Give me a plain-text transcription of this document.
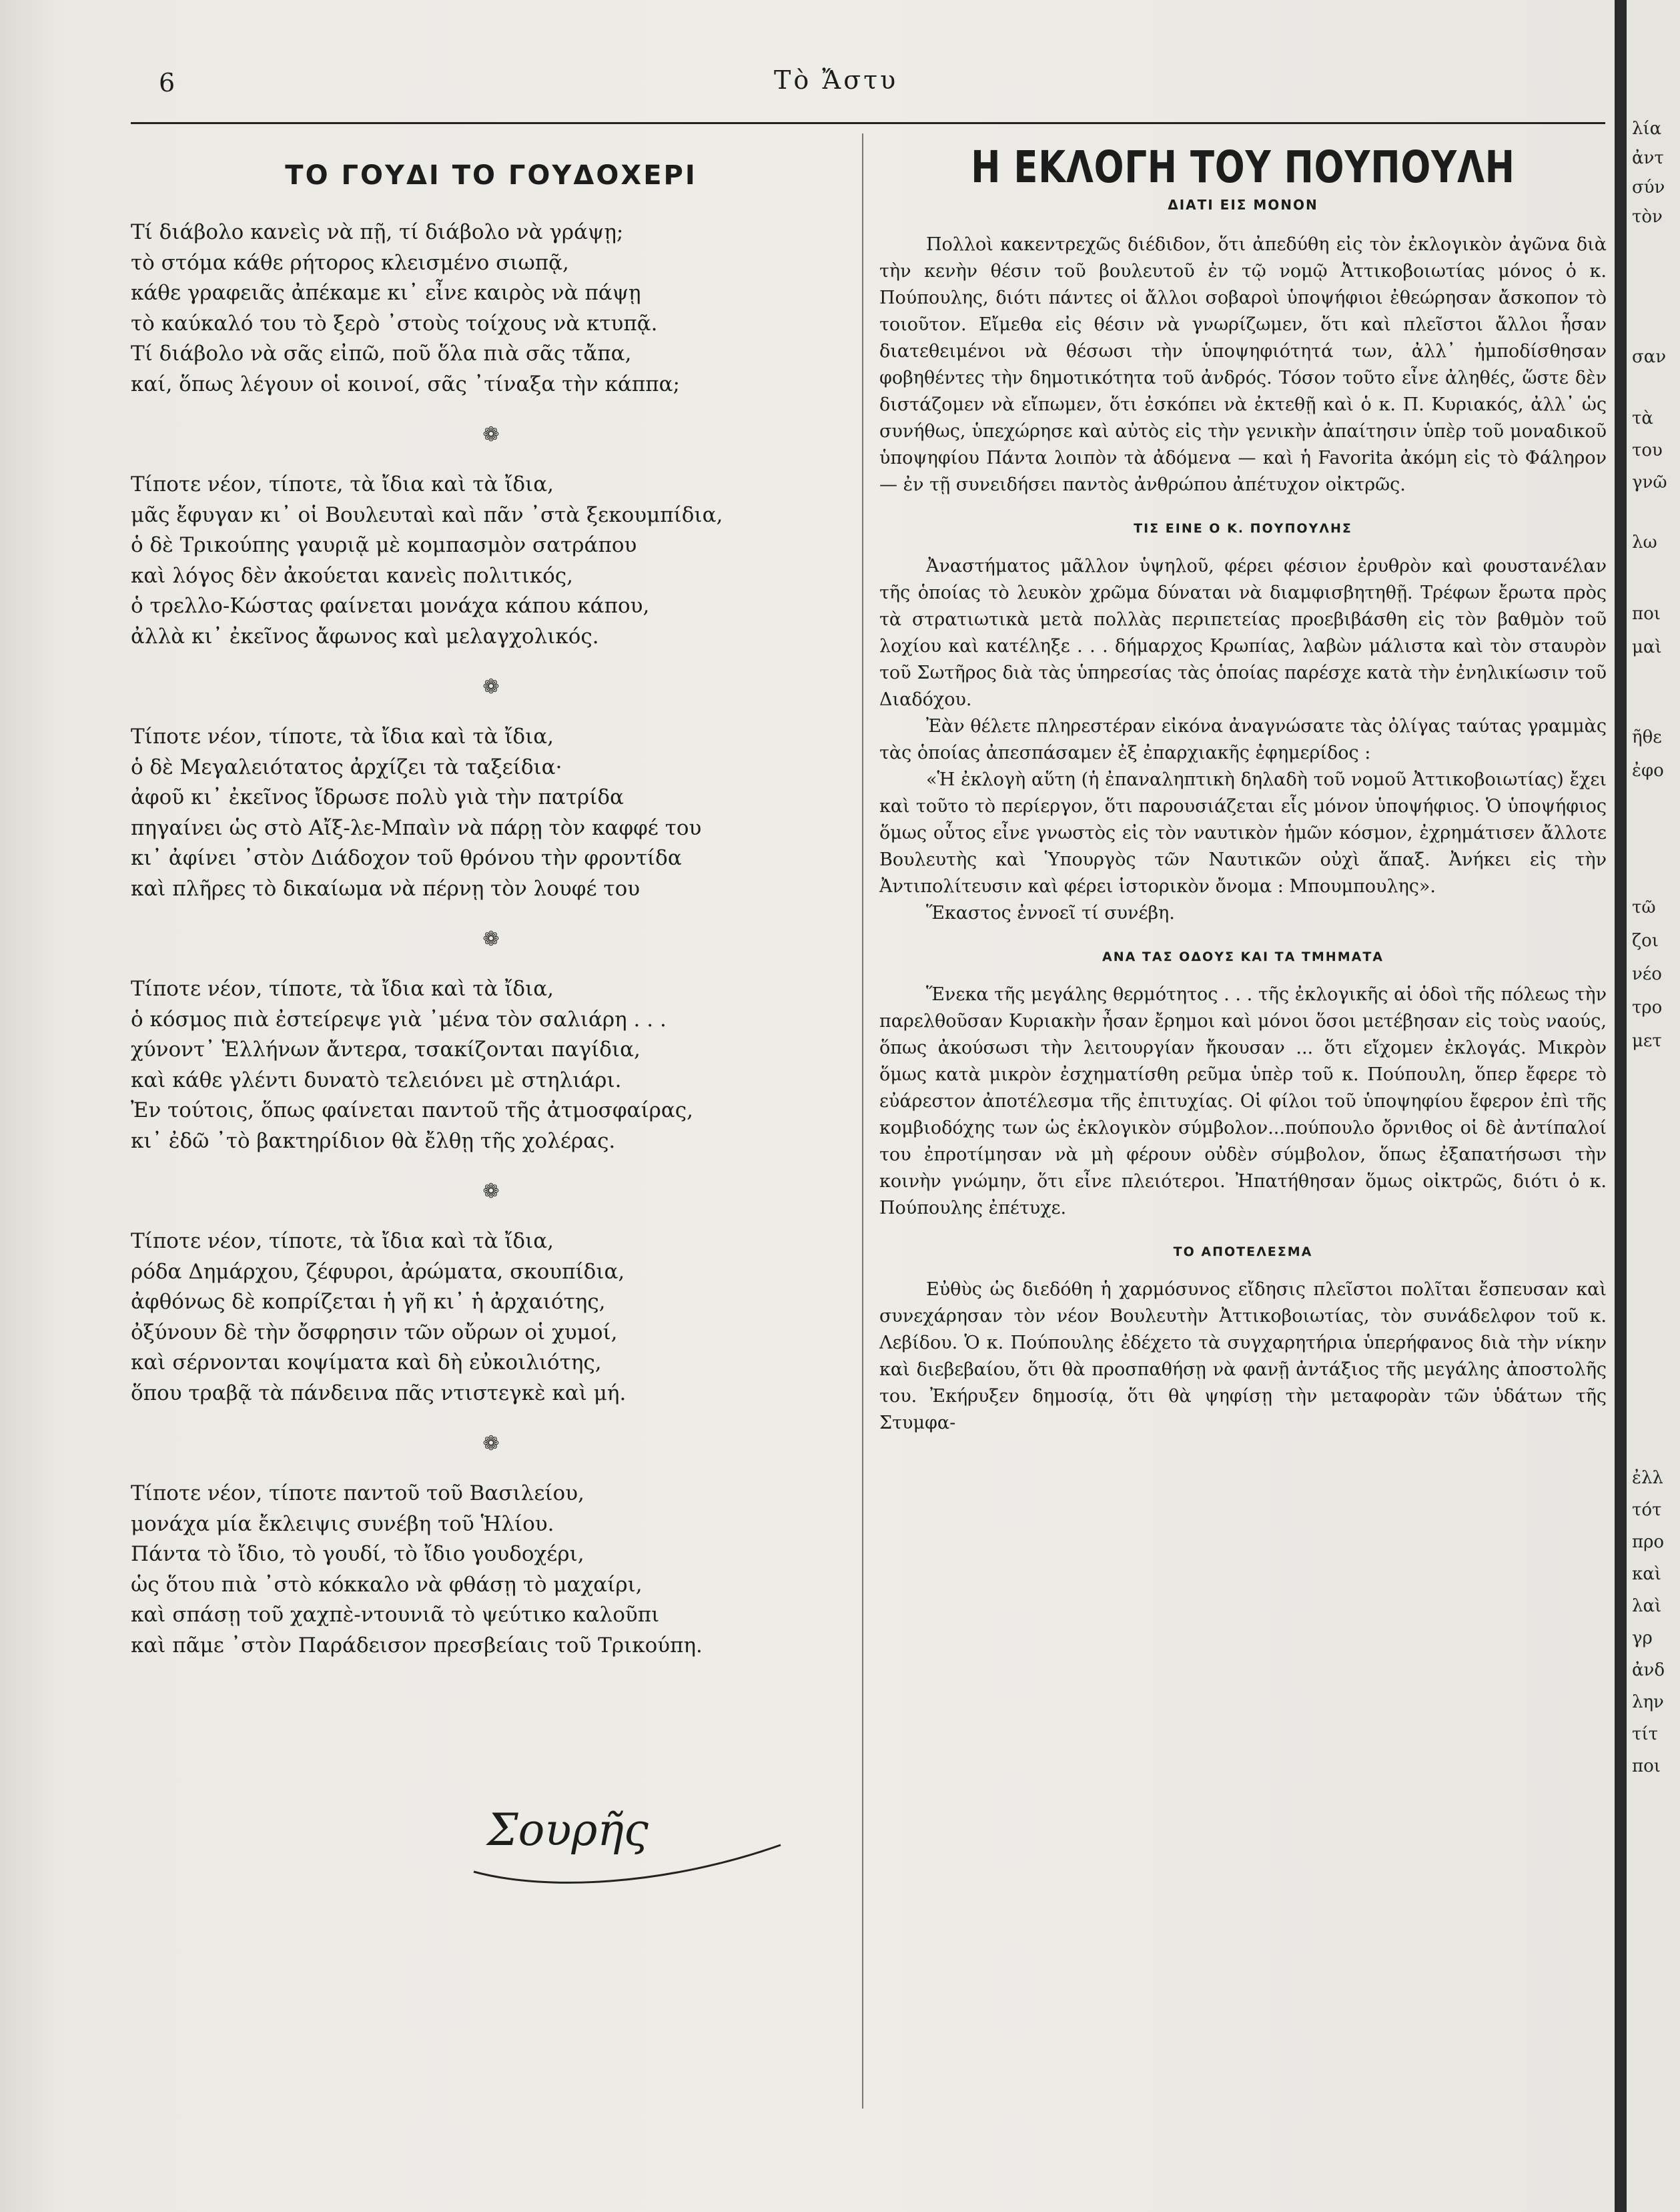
6	Τὸ Ἄστυ
ΤΟ ΓΟΥΔΙ ΤΟ ΓΟΥΔΟΧΕΡΙ
Τί διάβολο κανεὶς νὰ πῇ, τί διάβολο νὰ γράψῃ;
τὸ στόμα κάθε ρήτορος κλεισμένο σιωπᾷ,
κάθε γραφειᾶς ἀπέκαμε κι᾽ εἶνε καιρὸς νὰ πάψῃ
τὸ καύκαλό του τὸ ξερὸ ᾽στοὺς τοίχους νὰ κτυπᾷ.
Τί διάβολο νὰ σᾶς εἰπῶ, ποῦ ὅλα πιὰ σᾶς τἄπα,
καί, ὅπως λέγουν οἱ κοινοί, σᾶς ᾽τίναξα τὴν κάππα;
❁
Τίποτε νέον, τίποτε, τὰ ἴδια καὶ τὰ ἴδια,
μᾶς ἔφυγαν κι᾽ οἱ Βουλευταὶ καὶ πᾶν ᾽στὰ ξεκουμπίδια,
ὁ δὲ Τρικούπης γαυριᾷ μὲ κομπασμὸν σατράπου
καὶ λόγος δὲν ἀκούεται κανεὶς πολιτικός,
ὁ τρελλο-Κώστας φαίνεται μονάχα κάπου κάπου,
ἀλλὰ κι᾽ ἐκεῖνος ἄφωνος καὶ μελαγχολικός.
❁
Τίποτε νέον, τίποτε, τὰ ἴδια καὶ τὰ ἴδια,
ὁ δὲ Μεγαλειότατος ἀρχίζει τὰ ταξείδια·
ἀφοῦ κι᾽ ἐκεῖνος ἴδρωσε πολὺ γιὰ τὴν πατρίδα
πηγαίνει ὡς στὸ Αἴξ-λε-Μπαὶν νὰ πάρῃ τὸν καφφέ του
κι᾽ ἀφίνει ᾽στὸν Διάδοχον τοῦ θρόνου τὴν φροντίδα
καὶ πλῆρες τὸ δικαίωμα νὰ πέρνῃ τὸν λουφέ του
❁
Τίποτε νέον, τίποτε, τὰ ἴδια καὶ τὰ ἴδια,
ὁ κόσμος πιὰ ἐστείρεψε γιὰ ᾽μένα τὸν σαλιάρη . . .
χύνοντ᾽ Ἑλλήνων ἄντερα, τσακίζονται παγίδια,
καὶ κάθε γλέντι δυνατὸ τελειόνει μὲ στηλιάρι.
Ἐν τούτοις, ὅπως φαίνεται παντοῦ τῆς ἀτμοσφαίρας,
κι᾽ ἐδῶ ᾽τὸ βακτηρίδιον θὰ ἔλθῃ τῆς χολέρας.
❁
Τίποτε νέον, τίποτε, τὰ ἴδια καὶ τὰ ἴδια,
ρόδα Δημάρχου, ζέφυροι, ἀρώματα, σκουπίδια,
ἀφθόνως δὲ κοπρίζεται ἡ γῆ κι᾽ ἡ ἀρχαιότης,
ὀξύνουν δὲ τὴν ὄσφρησιν τῶν οὔρων οἱ χυμοί,
καὶ σέρνονται κοψίματα καὶ δὴ εὐκοιλιότης,
ὅπου τραβᾷ τὰ πάνδεινα πᾶς ντιστεγκὲ καὶ μή.
❁
Τίποτε νέον, τίποτε παντοῦ τοῦ Βασιλείου,
μονάχα μία ἔκλειψις συνέβη τοῦ Ἡλίου.
Πάντα τὸ ἴδιο, τὸ γουδί, τὸ ἴδιο γουδοχέρι,
ὡς ὅτου πιὰ ᾽στὸ κόκκαλο νὰ φθάσῃ τὸ μαχαίρι,
καὶ σπάσῃ τοῦ χαχπὲ-ντουνιᾶ τὸ ψεύτικο καλοῦπι
καὶ πᾶμε ᾽στὸν Παράδεισον πρεσβείαις τοῦ Τρικούπη.
Σουρῆς
Η ΕΚΛΟΓΗ ΤΟΥ ΠΟΥΠΟΥΛΗ
ΔΙΑΤΙ ΕΙΣ ΜΟΝΟΝ

Πολλοὶ κακεντρεχῶς διέδιδον, ὅτι ἀπεδύθη εἰς τὸν ἐκλογικὸν ἀγῶνα διὰ τὴν κενὴν θέσιν τοῦ βουλευτοῦ ἐν τῷ νομῷ Ἀττικοβοιωτίας μόνος ὁ κ. Πούπουλης, διότι πάντες οἱ ἄλλοι σοβαροὶ ὑποψήφιοι ἐθεώρησαν ἄσκοπον τὸ τοιοῦτον. Εἴμεθα εἰς θέσιν νὰ γνωρίζωμεν, ὅτι καὶ πλεῖστοι ἄλλοι ἦσαν διατεθειμένοι νὰ θέσωσι τὴν ὑποψηφιότητά των, ἀλλ᾽ ἠμποδίσθησαν φοβηθέντες τὴν δημοτικότητα τοῦ ἀνδρός. Τόσον τοῦτο εἶνε ἀληθές, ὥστε δὲν διστάζομεν νὰ εἴπωμεν, ὅτι ἐσκόπει νὰ ἐκτεθῇ καὶ ὁ κ. Π. Κυριακός, ἀλλ᾽ ὡς συνήθως, ὑπεχώρησε καὶ αὐτὸς εἰς τὴν γενικὴν ἀπαίτησιν ὑπὲρ τοῦ μοναδικοῦ ὑποψηφίου Πάντα λοιπὸν τὰ ἀδόμενα — καὶ ἡ Favorita ἀκόμη εἰς τὸ Φάληρον — ἐν τῇ συνειδήσει παντὸς ἀνθρώπου ἀπέτυχον οἰκτρῶς.

ΤΙΣ ΕΙΝΕ Ο Κ. ΠΟΥΠΟΥΛΗΣ

Ἀναστήματος μᾶλλον ὑψηλοῦ, φέρει φέσιον ἐρυθρὸν καὶ φουστανέλαν τῆς ὁποίας τὸ λευκὸν χρῶμα δύναται νὰ διαμφισβητηθῇ. Τρέφων ἔρωτα πρὸς τὰ στρατιωτικὰ μετὰ πολλὰς περιπετείας προεβιβάσθη εἰς τὸν βαθμὸν τοῦ λοχίου καὶ κατέληξε . . . δήμαρχος Κρωπίας, λαβὼν μάλιστα καὶ τὸν σταυρὸν τοῦ Σωτῆρος διὰ τὰς ὑπηρεσίας τὰς ὁποίας παρέσχε κατὰ τὴν ἐνηλικίωσιν τοῦ Διαδόχου.

Ἐὰν θέλετε πληρεστέραν εἰκόνα ἀναγνώσατε τὰς ὀλίγας ταύτας γραμμὰς τὰς ὁποίας ἀπεσπάσαμεν ἐξ ἐπαρχιακῆς ἐφημερίδος :

«Ἡ ἐκλογὴ αὕτη (ἡ ἐπαναληπτικὴ δηλαδὴ τοῦ νομοῦ Ἀττικοβοιωτίας) ἔχει καὶ τοῦτο τὸ περίεργον, ὅτι παρουσιάζεται εἷς μόνον ὑποψήφιος. Ὁ ὑποψήφιος ὅμως οὗτος εἶνε γνωστὸς εἰς τὸν ναυτικὸν ἡμῶν κόσμον, ἐχρημάτισεν ἄλλοτε Βουλευτὴς καὶ Ὑπουργὸς τῶν Ναυτικῶν οὐχὶ ἅπαξ. Ἀνήκει εἰς τὴν Ἀντιπολίτευσιν καὶ φέρει ἱστορικὸν ὄνομα : Μπουμπουλης».

Ἕκαστος ἐννοεῖ τί συνέβη.

ΑΝΑ ΤΑΣ ΟΔΟΥΣ ΚΑΙ ΤΑ ΤΜΗΜΑΤΑ

Ἕνεκα τῆς μεγάλης θερμότητος . . . τῆς ἐκλογικῆς αἱ ὁδοὶ τῆς πόλεως τὴν παρελθοῦσαν Κυριακὴν ἦσαν ἔρημοι καὶ μόνοι ὅσοι μετέβησαν εἰς τοὺς ναούς, ὅπως ἀκούσωσι τὴν λειτουργίαν ἤκουσαν ... ὅτι εἴχομεν ἐκλογάς. Μικρὸν ὅμως κατὰ μικρὸν ἐσχηματίσθη ρεῦμα ὑπὲρ τοῦ κ. Πούπουλη, ὅπερ ἔφερε τὸ εὐάρεστον ἀποτέλεσμα τῆς ἐπιτυχίας. Οἱ φίλοι τοῦ ὑποψηφίου ἔφερον ἐπὶ τῆς κομβιοδόχης των ὡς ἐκλογικὸν σύμβολον...πούπουλο ὄρνιθος οἱ δὲ ἀντίπαλοί του ἐπροτίμησαν νὰ μὴ φέρουν οὐδὲν σύμβολον, ὅπως ἐξαπατήσωσι τὴν κοινὴν γνώμην, ὅτι εἶνε πλειότεροι. Ἠπατήθησαν ὅμως οἰκτρῶς, διότι ὁ κ. Πούπουλης ἐπέτυχε.

ΤΟ ΑΠΟΤΕΛΕΣΜΑ

Εὐθὺς ὡς διεδόθη ἡ χαρμόσυνος εἴδησις πλεῖστοι πολῖται ἔσπευσαν καὶ συνεχάρησαν τὸν νέον Βουλευτὴν Ἀττικοβοιωτίας, τὸν συνάδελφον τοῦ κ. Λεβίδου. Ὁ κ. Πούπουλης ἐδέχετο τὰ συγχαρητήρια ὑπερήφανος διὰ τὴν νίκην καὶ διεβεβαίου, ὅτι θὰ προσπαθήσῃ νὰ φανῇ ἀντάξιος τῆς μεγάλης ἀποστολῆς του. Ἐκήρυξεν δημοσίᾳ, ὅτι θὰ ψηφίσῃ τὴν μεταφορὰν τῶν ὑδάτων τῆς Στυμφα-

λία
ἀντ
σύν
τὸν
σαν
τὰ
του
γνῶ
λω
ποι
μαὶ
ῆθε
ἐφο
τῶ
ζοι
νέο
τρο
μετ
ἐλλ
τότ
προ
καὶ
λαὶ
γρ
ἀνδ
λην
τίτ
ποι
